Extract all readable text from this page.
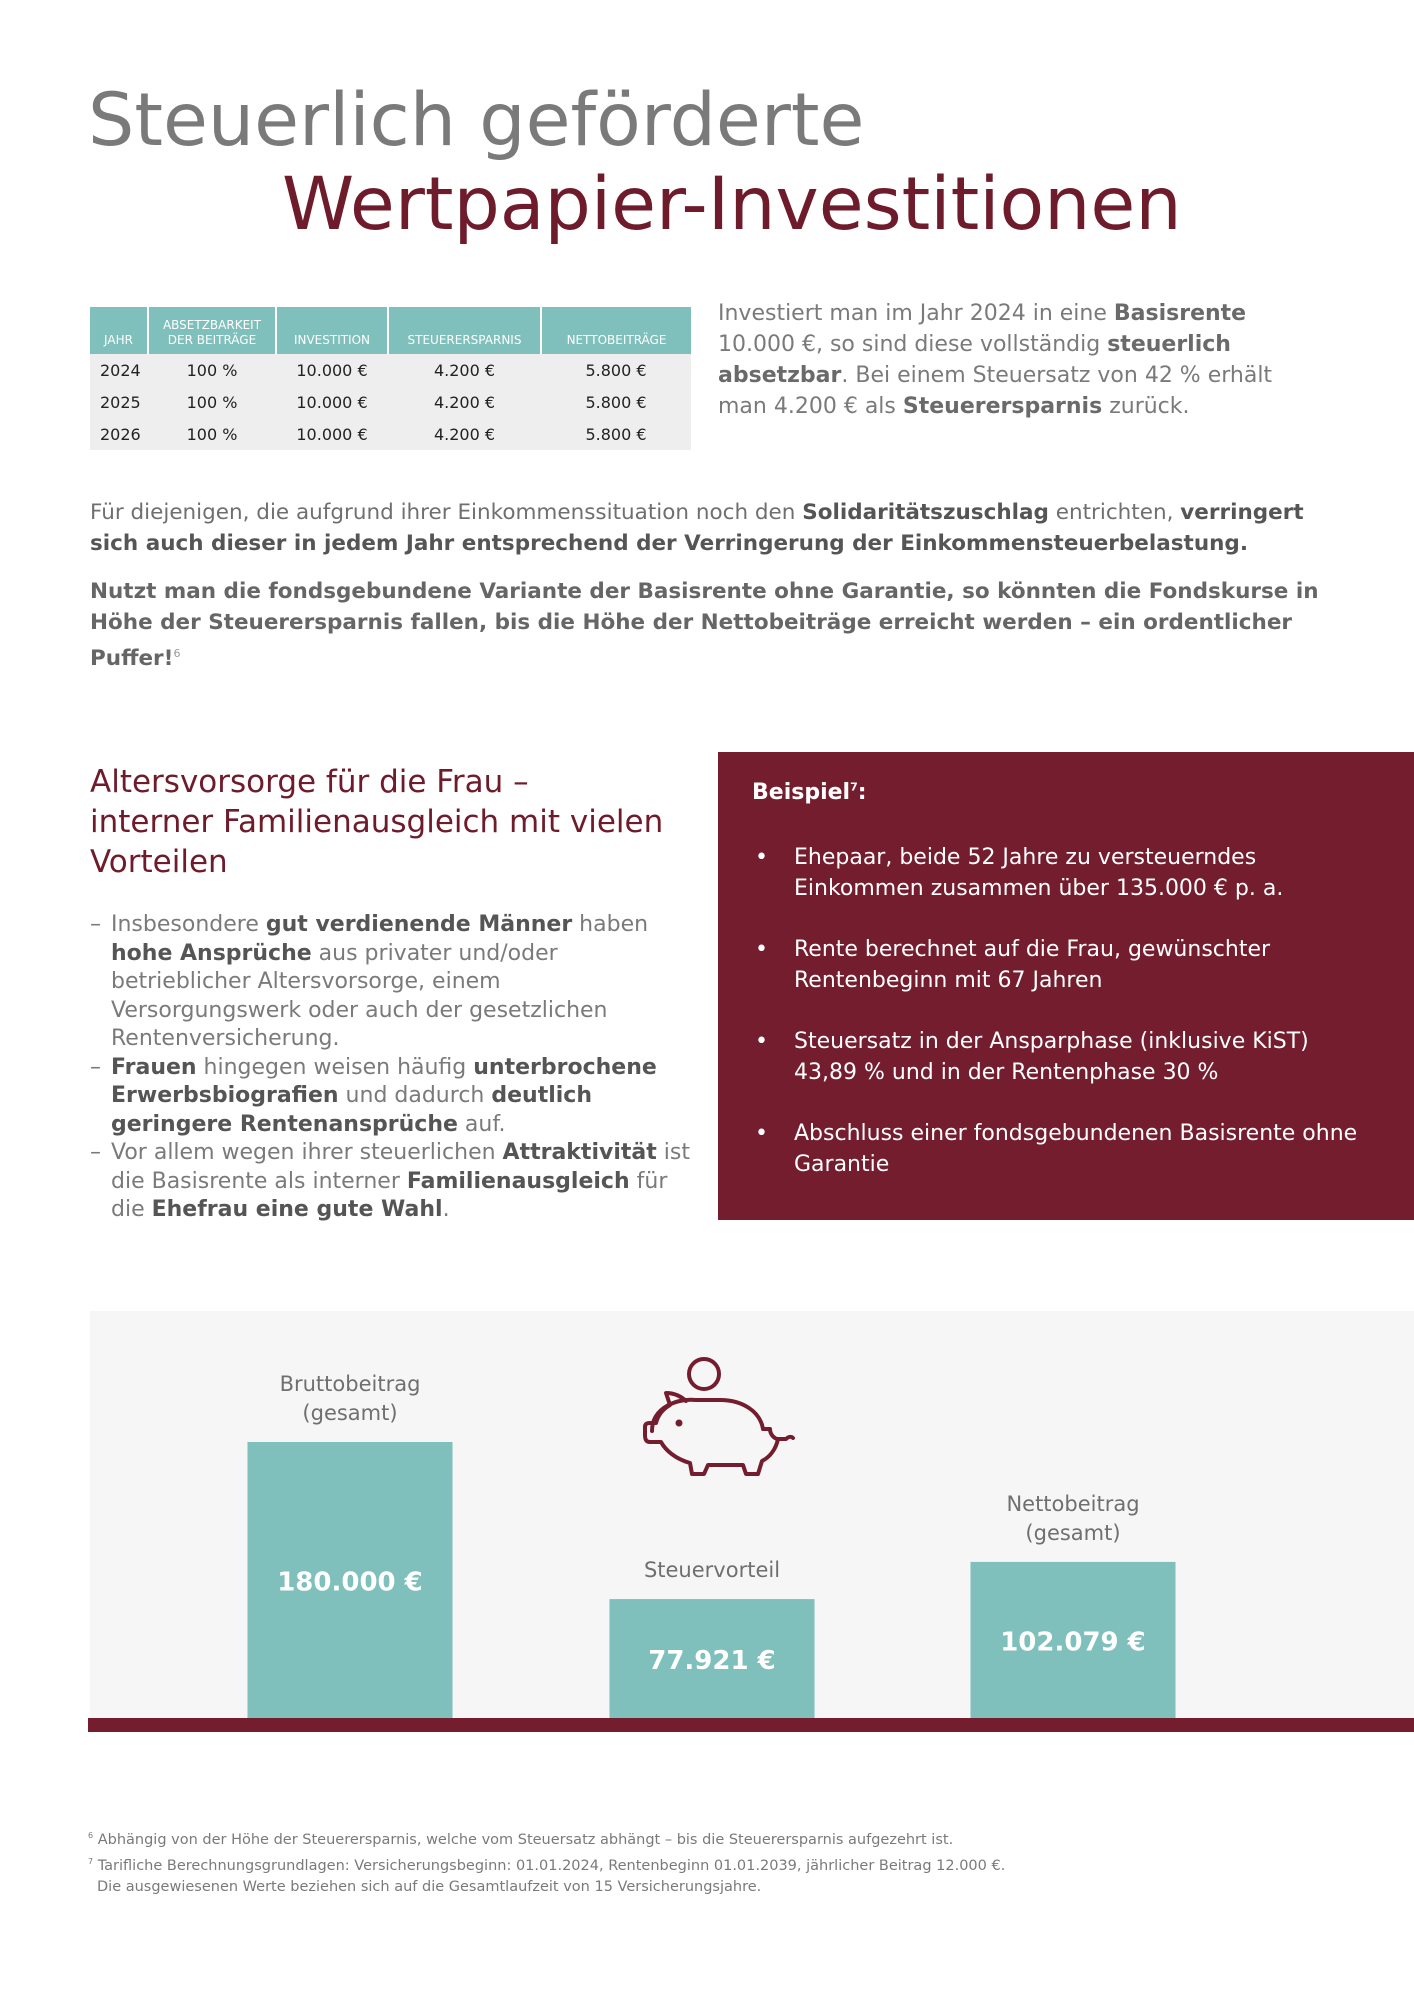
Steuerlich geförderte
Wertpapier-Investitionen
JAHR	ABSETZBARKEIT DER BEITRÄGE	INVESTITION	STEUERERSPARNIS	NETTOBEITRÄGE
2024	100 %	10.000 €	4.200 €	5.800 €
2025	100 %	10.000 €	4.200 €	5.800 €
2026	100 %	10.000 €	4.200 €	5.800 €
Investiert man im Jahr 2024 in eine Basisrente 10.000 €, so sind diese vollständig steuerlich absetzbar. Bei einem Steuersatz von 42 % erhält man 4.200 € als Steuerersparnis zurück.
Für diejenigen, die aufgrund ihrer Einkommenssituation noch den Solidaritätszuschlag entrichten, verringert sich auch dieser in jedem Jahr entsprechend der Verringerung der Einkommensteuerbelastung.
Nutzt man die fondsgebundene Variante der Basisrente ohne Garantie, so könnten die Fondskurse in Höhe der Steuerersparnis fallen, bis die Höhe der Nettobeiträge erreicht werden – ein ordentlicher Puffer!$^6$
Altersvorsorge für die Frau –
interner Familienausgleich mit vielen
Vorteilen
– Insbesondere gut verdienende Männer haben hohe Ansprüche aus privater und/oder betrieblicher Altersvorsorge, einem Versorgungswerk oder auch der gesetzlichen Rentenversicherung.
– Frauen hingegen weisen häufig unterbrochene Erwerbsbiografien und dadurch deutlich geringere Rentenansprüche auf.
– Vor allem wegen ihrer steuerlichen Attraktivität ist die Basisrente als interner Familienausgleich für die Ehefrau eine gute Wahl.
Beispiel$^7$:
• Ehepaar, beide 52 Jahre zu versteuerndes Einkommen zusammen über 135.000 € p. a.
• Rente berechnet auf die Frau, gewünschter Rentenbeginn mit 67 Jahren
• Steuersatz in der Ansparphase (inklusive KiST) 43,89 % und in der Rentenphase 30 %
• Abschluss einer fondsgebundenen Basisrente ohne Garantie
180.000 €
Bruttobeitrag
(gesamt)
77.921 €
Steuervorteil
102.079 €
Nettobeitrag
(gesamt)
$^6$ Abhängig von der Höhe der Steuerersparnis, welche vom Steuersatz abhängt – bis die Steuerersparnis aufgezehrt ist.
$^7$ Tarifliche Berechnungsgrundlagen: Versicherungsbeginn: 01.01.2024, Rentenbeginn 01.01.2039, jährlicher Beitrag 12.000 €.
Die ausgewiesenen Werte beziehen sich auf die Gesamtlaufzeit von 15 Versicherungsjahre.
